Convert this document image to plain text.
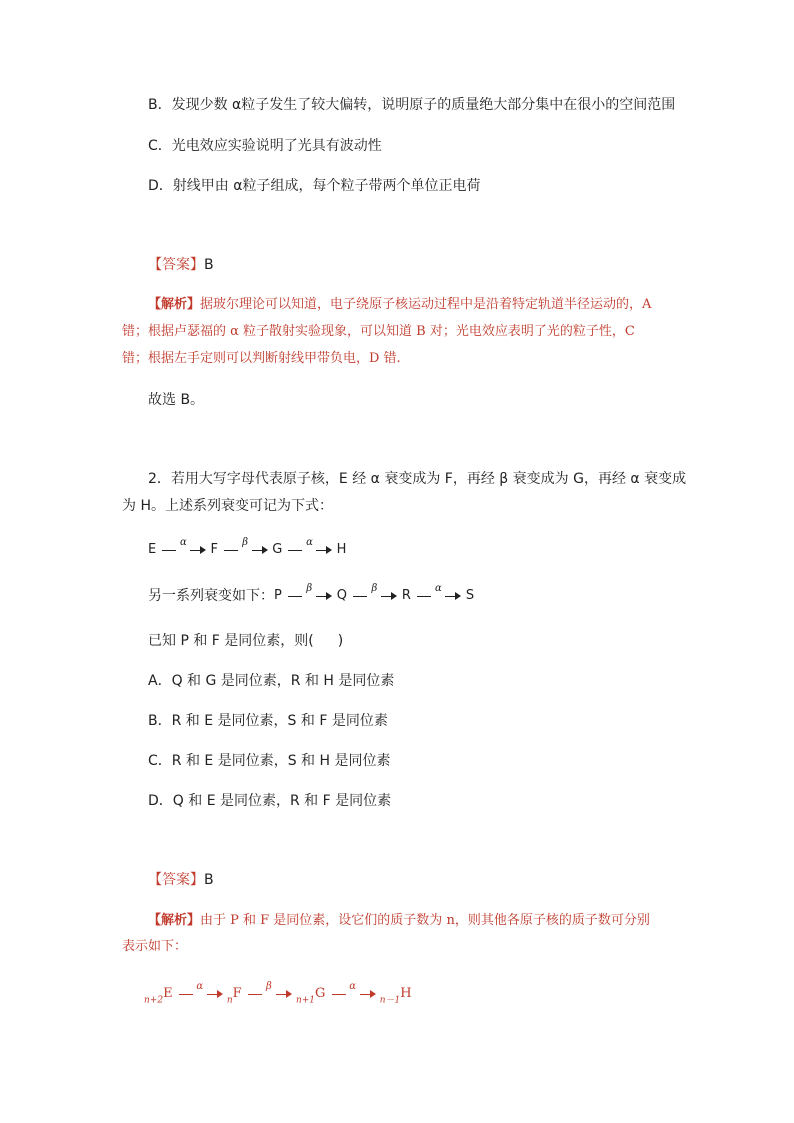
B．发现少数 α粒子发生了较大偏转，说明原子的质量绝大部分集中在很小的空间范围
C．光电效应实验说明了光具有波动性
D．射线甲由 α粒子组成，每个粒子带两个单位正电荷
【答案】B
【解析】据玻尔理论可以知道，电子绕原子核运动过程中是沿着特定轨道半径运动的，A
错；根据卢瑟福的 α 粒子散射实验现象，可以知道 B 对；光电效应表明了光的粒子性，C
错；根据左手定则可以判断射线甲带负电，D 错.
故选 B。
2．若用大写字母代表原子核，E 经 α 衰变成为 F，再经 β 衰变成为 G，再经 α 衰变成
为 H。上述系列衰变可记为下式：
E	α	F	β	G	α	H
另一系列衰变如下：P	β	Q	β	R	α	S
已知 P 和 F 是同位素，则( )
A．Q 和 G 是同位素，R 和 H 是同位素
B．R 和 E 是同位素，S 和 F 是同位素
C．R 和 E 是同位素，S 和 H 是同位素
D．Q 和 E 是同位素，R 和 F 是同位素
【答案】B
【解析】由于 P 和 F 是同位素，设它们的质子数为 n，则其他各原子核的质子数可分别
表示如下：
$_{n+2}$E	α
$_n$F	β
$_{n+1}$G	α
$_{n-1}$H
